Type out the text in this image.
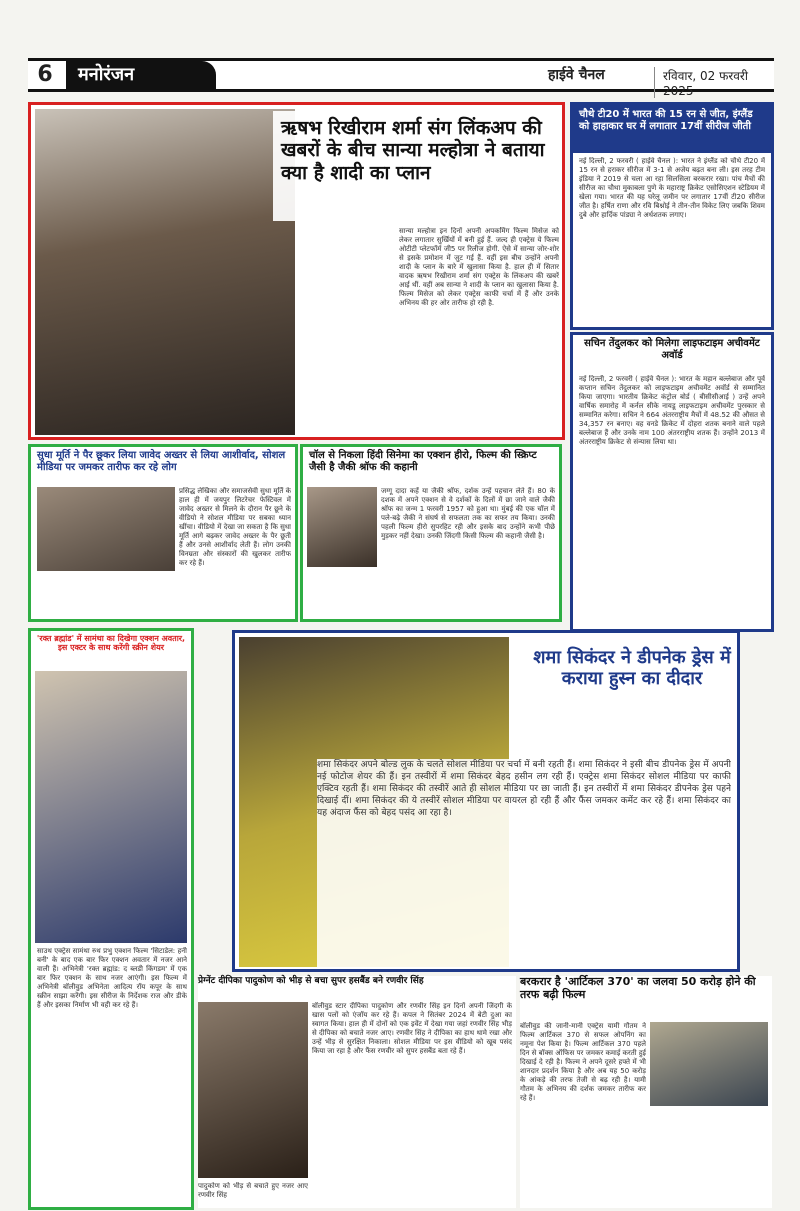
6	मनोरंजन	हाईवे चैनल	रविवार, 02 फरवरी 2025
ऋषभ रिखीराम शर्मा संग लिंकअप की खबरों के बीच सान्या मल्होत्रा ने बताया क्या है शादी का प्लान
सान्या मल्होत्रा इन दिनों अपनी अपकमिंग फिल्म मिसेज को लेकर लगातार सुर्खियों में बनी हुई हैं. जल्द ही एक्ट्रेस ये फिल्म ओटीटी प्लेटफॉर्म जी5 पर रिलीज होगी. ऐसे में सान्या जोर-शोर से इसके प्रमोशन में जुट गई हैं. वहीं इस बीच उन्होंने अपनी शादी के प्लान के बारे में खुलासा किया है. हाल ही में सितार वादक ऋषभ रिखीराम शर्मा संग एक्ट्रेस के लिंकअप की खबरें आई थीं. वहीं अब सान्या ने शादी के प्लान का खुलासा किया है. फिल्म मिसेज को लेकर एक्ट्रेस काफी चर्चा में हैं और उनके अभिनय की हर ओर तारीफ हो रही है.
चौथे टी20 में भारत की 15 रन से जीत, इंग्लैंड को हाहाकार घर में लगातार 17वीं सीरीज जीती
नई दिल्ली, 2 फरवरी ( हाईवे चैनल ): भारत ने इंग्लैंड को चौथे टी20 में 15 रन से हराकर सीरीज में 3-1 से अजेय बढ़त बना ली। इस तरह टीम इंडिया ने 2019 से चला आ रहा सिलसिला बरकरार रखा। पांच मैचों की सीरीज का चौथा मुकाबला पुणे के महाराष्ट्र क्रिकेट एसोसिएशन स्टेडियम में खेला गया। भारत की यह घरेलू जमीन पर लगातार 17वीं टी20 सीरीज जीत है। हर्षित राणा और रवि बिश्नोई ने तीन-तीन विकेट लिए जबकि शिवम दुबे और हार्दिक पांड्या ने अर्धशतक लगाए।
सचिन तेंदुलकर को मिलेगा लाइफटाइम अचीवमेंट अवॉर्ड
नई दिल्ली, 2 फरवरी ( हाईवे चैनल ): भारत के महान बल्लेबाज और पूर्व कप्तान सचिन तेंदुलकर को लाइफटाइम अचीवमेंट अवॉर्ड से सम्मानित किया जाएगा। भारतीय क्रिकेट कंट्रोल बोर्ड ( बीसीसीआई ) उन्हें अपने वार्षिक समारोह में कर्नल सीके नायडू लाइफटाइम अचीवमेंट पुरस्कार से सम्मानित करेगा। सचिन ने 664 अंतरराष्ट्रीय मैचों में 48.52 की औसत से 34,357 रन बनाए। वह वनडे क्रिकेट में दोहरा शतक बनाने वाले पहले बल्लेबाज हैं और उनके नाम 100 अंतरराष्ट्रीय शतक हैं। उन्होंने 2013 में अंतरराष्ट्रीय क्रिकेट से संन्यास लिया था।
सुधा मूर्ति ने पैर छूकर लिया जावेद अख्तर से लिया आशीर्वाद, सोशल मीडिया पर जमकर तारीफ कर रहे लोग
प्रसिद्ध लेखिका और समाजसेवी सुधा मूर्ति के हाल ही में जयपुर लिटरेचर फेस्टिवल में जावेद अख्तर से मिलने के दौरान पैर छूने के वीडियो ने सोशल मीडिया पर सबका ध्यान खींचा। वीडियो में देखा जा सकता है कि सुधा मूर्ति आगे बढ़कर जावेद अख्तर के पैर छूती हैं और उनसे आशीर्वाद लेती हैं। लोग उनकी विनम्रता और संस्कारों की खुलकर तारीफ कर रहे हैं।
चॉल से निकला हिंदी सिनेमा का एक्शन हीरो, फिल्म की स्क्रिप्ट जैसी है जैकी श्रॉफ की कहानी
जग्गू दादा कहें या जैकी श्रॉफ, दर्शक उन्हें पहचान लेते हैं। 80 के दशक में अपने एक्शन से वे दर्शकों के दिलों में छा जाने वाले जैकी श्रॉफ का जन्म 1 फरवरी 1957 को हुआ था। मुंबई की एक चॉल में पले-बढ़े जैकी ने संघर्ष से सफलता तक का सफर तय किया। उनकी पहली फिल्म हीरो सुपरहिट रही और इसके बाद उन्होंने कभी पीछे मुड़कर नहीं देखा। उनकी जिंदगी किसी फिल्म की कहानी जैसी है।
'रक्त ब्रह्मांड' में सामंथा का दिखेगा एक्शन अवतार, इस एक्टर के साथ करेंगी स्क्रीन शेयर
साउथ एक्ट्रेस सामंथा रुथ प्रभु एक्शन फिल्म 'सिटाडेल: हनी बनी' के बाद एक बार फिर एक्शन अवतार में नजर आने वाली हैं। अभिनेत्री 'रक्त ब्रह्मांड: द ब्लडी किंगडम' में एक बार फिर एक्शन के साथ नजर आएंगी। इस फिल्म में अभिनेत्री बॉलीवुड अभिनेता आदित्य रॉय कपूर के साथ स्क्रीन साझा करेंगी। इस सीरीज के निर्देशक राज और डीके हैं और इसका निर्माण भी वही कर रहे हैं।
शमा सिकंदर ने डीपनेक ड्रेस में कराया हुस्न का दीदार
शमा सिकंदर अपने बोल्ड लुक के चलते सोशल मीडिया पर चर्चा में बनी रहती हैं। शमा सिकंदर ने इसी बीच डीपनेक ड्रेस में अपनी नई फोटोज शेयर की हैं। इन तस्वीरों में शमा सिकंदर बेहद हसीन लग रही हैं। एक्ट्रेस शमा सिकंदर सोशल मीडिया पर काफी एक्टिव रहती हैं। शमा सिकंदर की तस्वीरें आते ही सोशल मीडिया पर छा जाती हैं। इन तस्वीरों में शमा सिकंदर डीपनेक ड्रेस पहने दिखाई दीं। शमा सिकंदर की ये तस्वीरें सोशल मीडिया पर वायरल हो रही हैं और फैंस जमकर कमेंट कर रहे हैं। शमा सिकंदर का यह अंदाज फैंस को बेहद पसंद आ रहा है।
प्रेग्नेंट दीपिका पादुकोण को भीड़ से बचा सुपर हसबैंड बने रणवीर सिंह
पादुकोण को भीड़ से बचाते हुए नजर आए रणवीर सिंह
बॉलीवुड स्टार दीपिका पादुकोण और रणवीर सिंह इन दिनों अपनी जिंदगी के खास पलों को एंजॉय कर रहे हैं। कपल ने सितंबर 2024 में बेटी दुआ का स्वागत किया। हाल ही में दोनों को एक इवेंट में देखा गया जहां रणवीर सिंह भीड़ से दीपिका को बचाते नजर आए। रणवीर सिंह ने दीपिका का हाथ थामे रखा और उन्हें भीड़ से सुरक्षित निकाला। सोशल मीडिया पर इस वीडियो को खूब पसंद किया जा रहा है और फैंस रणवीर को सुपर हसबैंड बता रहे हैं।
बरकरार है 'आर्टिकल 370' का जलवा 50 करोड़ होने की तरफ बढ़ी फिल्म
बॉलीवुड की जानी-मानी एक्ट्रेस यामी गौतम ने फिल्म आर्टिकल 370 से सफल ओपनिंग का नमूना पेश किया है। फिल्म आर्टिकल 370 पहले दिन से बॉक्स ऑफिस पर जमकर कमाई करती हुई दिखाई दे रही है। फिल्म ने अपने दूसरे हफ्ते में भी शानदार प्रदर्शन किया है और अब यह 50 करोड़ के आंकड़े की तरफ तेजी से बढ़ रही है। यामी गौतम के अभिनय की दर्शक जमकर तारीफ कर रहे हैं।
